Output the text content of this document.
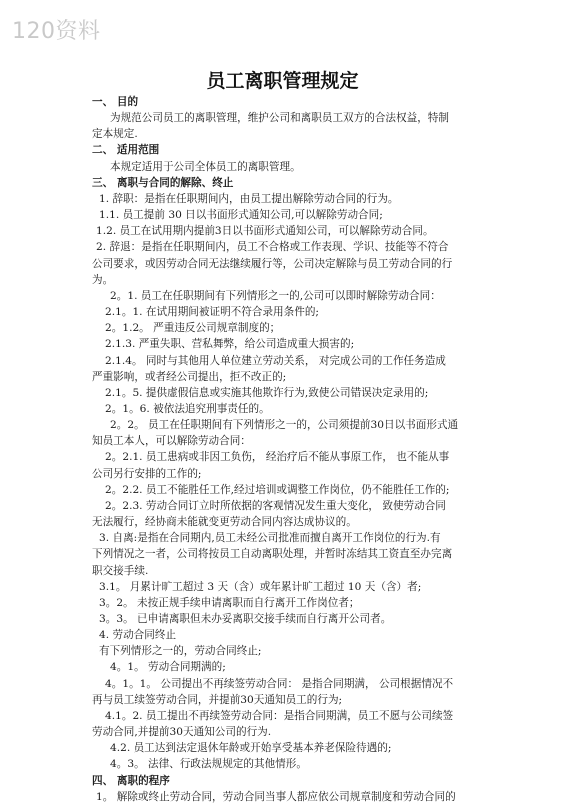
120资料
员工离职管理规定

一、 目的

为规范公司员工的离职管理，维护公司和离职员工双方的合法权益，特制

定本规定.

二、 适用范围

本规定适用于公司全体员工的离职管理。

三、 离职与合同的解除、终止

1. 辞职：是指在任职期间内，由员工提出解除劳动合同的行为。

1.1. 员工提前 30 日以书面形式通知公司,可以解除劳动合同;

1.2. 员工在试用期内提前3日以书面形式通知公司，可以解除劳动合同。

2. 辞退：是指在任职期间内，员工不合格或工作表现、学识、技能等不符合

公司要求，或因劳动合同无法继续履行等，公司决定解除与员工劳动合同的行

为。

2。1. 员工在任职期间有下列情形之一的,公司可以即时解除劳动合同：

2.1。1. 在试用期间被证明不符合录用条件的;

2。1.2。 严重违反公司规章制度的；

2.1.3. 严重失职、营私舞弊，给公司造成重大损害的;

2.1.4。 同时与其他用人单位建立劳动关系， 对完成公司的工作任务造成

严重影响，或者经公司提出，拒不改正的;

2.1。5. 提供虚假信息或实施其他欺诈行为,致使公司错误决定录用的;

2。1。6. 被依法追究刑事责任的。

2。2。 员工在任职期间有下列情形之一的，公司须提前30日以书面形式通

知员工本人，可以解除劳动合同：

2。2.1. 员工患病或非因工负伤， 经治疗后不能从事原工作， 也不能从事

公司另行安排的工作的;

2。2.2. 员工不能胜任工作,经过培训或调整工作岗位，仍不能胜任工作的;

2。2.3. 劳动合同订立时所依据的客观情况发生重大变化， 致使劳动合同

无法履行，经协商未能就变更劳动合同内容达成协议的。

3. 自离:是指在合同期内,员工未经公司批准而擅自离开工作岗位的行为.有

下列情况之一者，公司将按员工自动离职处理，并暂时冻结其工资直至办完离

职交接手续.

3.1。 月累计旷工超过 3 天（含）或年累计旷工超过 10 天（含）者;

3。2。 未按正规手续申请离职而自行离开工作岗位者；

3。3。 已申请离职但未办妥离职交接手续而自行离开公司者。

4. 劳动合同终止

有下列情形之一的，劳动合同终止;

4。1。 劳动合同期满的;

4。1。1。 公司提出不再续签劳动合同： 是指合同期满， 公司根据情况不

再与员工续签劳动合同，并提前30天通知员工的行为;

4.1。2. 员工提出不再续签劳动合同：是指合同期满，员工不愿与公司续签

劳动合同,并提前30天通知公司的行为.

4.2. 员工达到法定退休年龄或开始享受基本养老保险待遇的;

4。3。 法律、行政法规规定的其他情形。

四、 离职的程序

1。 解除或终止劳动合同，劳动合同当事人都应依公司规章制度和劳动合同的
